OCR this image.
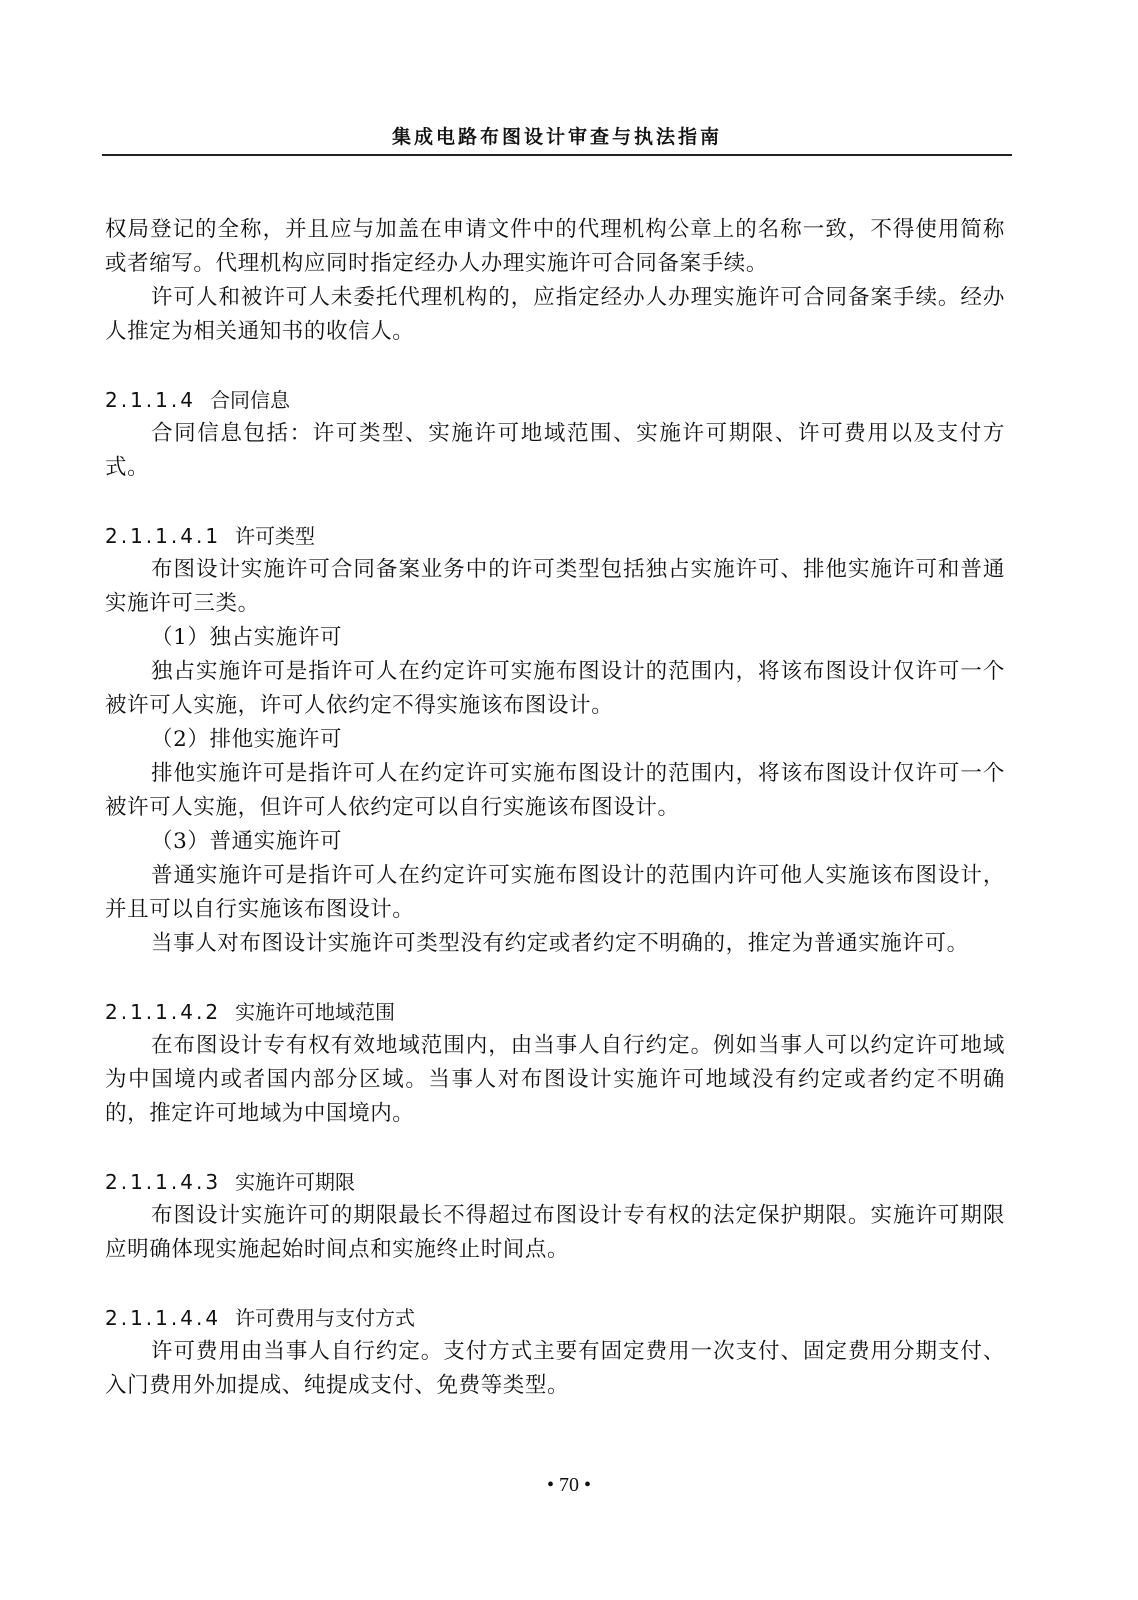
集成电路布图设计审查与执法指南

权局登记的全称，并且应与加盖在申请文件中的代理机构公章上的名称一致，不得使用简称或者缩写。代理机构应同时指定经办人办理实施许可合同备案手续。

许可人和被许可人未委托代理机构的，应指定经办人办理实施许可合同备案手续。经办人推定为相关通知书的收信人。

2.1.1.4 合同信息

合同信息包括：许可类型、实施许可地域范围、实施许可期限、许可费用以及支付方式。

2.1.1.4.1 许可类型

布图设计实施许可合同备案业务中的许可类型包括独占实施许可、排他实施许可和普通实施许可三类。

（1）独占实施许可

独占实施许可是指许可人在约定许可实施布图设计的范围内，将该布图设计仅许可一个被许可人实施，许可人依约定不得实施该布图设计。

（2）排他实施许可

排他实施许可是指许可人在约定许可实施布图设计的范围内，将该布图设计仅许可一个被许可人实施，但许可人依约定可以自行实施该布图设计。

（3）普通实施许可

普通实施许可是指许可人在约定许可实施布图设计的范围内许可他人实施该布图设计，并且可以自行实施该布图设计。

当事人对布图设计实施许可类型没有约定或者约定不明确的，推定为普通实施许可。

2.1.1.4.2 实施许可地域范围

在布图设计专有权有效地域范围内，由当事人自行约定。例如当事人可以约定许可地域为中国境内或者国内部分区域。当事人对布图设计实施许可地域没有约定或者约定不明确的，推定许可地域为中国境内。

2.1.1.4.3 实施许可期限

布图设计实施许可的期限最长不得超过布图设计专有权的法定保护期限。实施许可期限应明确体现实施起始时间点和实施终止时间点。

2.1.1.4.4 许可费用与支付方式

许可费用由当事人自行约定。支付方式主要有固定费用一次支付、固定费用分期支付、入门费用外加提成、纯提成支付、免费等类型。

• 70 •
